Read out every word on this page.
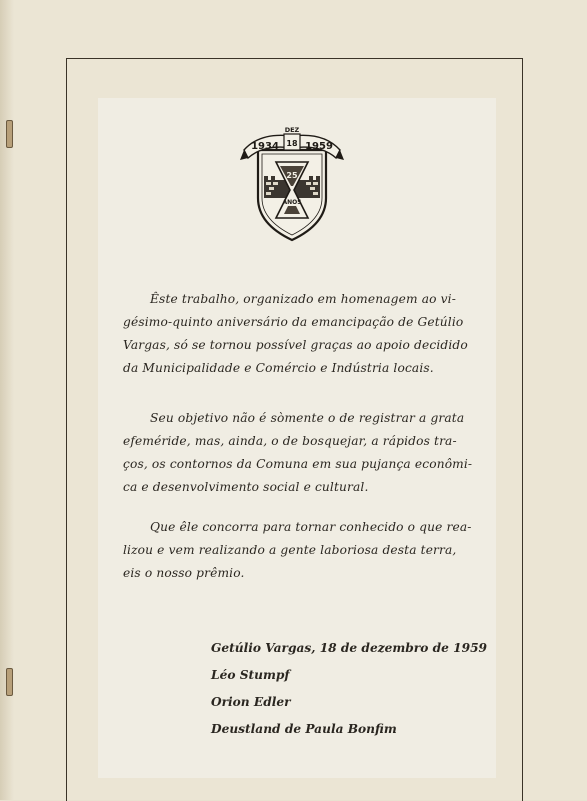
DEZ
18
1934	1959
25
ANOS
Êste trabalho, organizado em homenagem ao vi-
gésimo-quinto aniversário da emancipação de Getúlio
Vargas, só se tornou possível graças ao apoio decidido
da Municipalidade e Comércio e Indústria locais.
Seu objetivo não é sòmente o de registrar a grata
efeméride, mas, ainda, o de bosquejar, a rápidos tra-
ços, os contornos da Comuna em sua pujança econômi-
ca e desenvolvimento social e cultural.
Que êle concorra para tornar conhecido o que rea-
lizou e vem realizando a gente laboriosa desta terra,
eis o nosso prêmio.
Getúlio Vargas, 18 de dezembro de 1959
Léo Stumpf
Orion Edler
Deustland de Paula Bonfim
